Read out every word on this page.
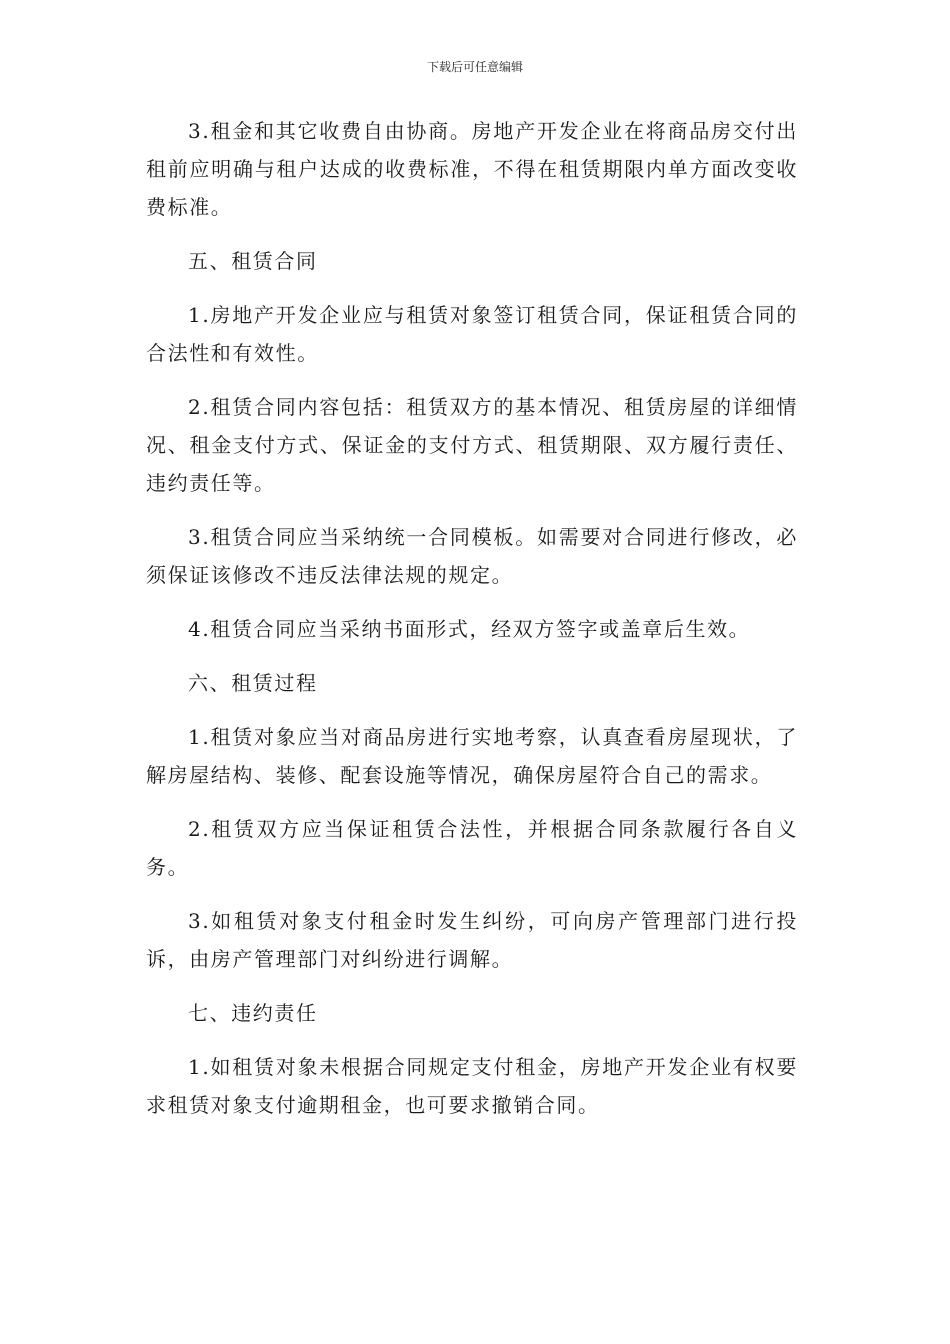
下载后可任意编辑

3.租金和其它收费自由协商。房地产开发企业在将商品房交付出租前应明确与租户达成的收费标准，不得在租赁期限内单方面改变收费标准。

五、租赁合同

1.房地产开发企业应与租赁对象签订租赁合同，保证租赁合同的合法性和有效性。

2.租赁合同内容包括：租赁双方的基本情况、租赁房屋的详细情况、租金支付方式、保证金的支付方式、租赁期限、双方履行责任、违约责任等。

3.租赁合同应当采纳统一合同模板。如需要对合同进行修改，必须保证该修改不违反法律法规的规定。

4.租赁合同应当采纳书面形式，经双方签字或盖章后生效。

六、租赁过程

1.租赁对象应当对商品房进行实地考察，认真查看房屋现状，了解房屋结构、装修、配套设施等情况，确保房屋符合自己的需求。

2.租赁双方应当保证租赁合法性，并根据合同条款履行各自义务。

3.如租赁对象支付租金时发生纠纷，可向房产管理部门进行投诉，由房产管理部门对纠纷进行调解。

七、违约责任

1.如租赁对象未根据合同规定支付租金，房地产开发企业有权要求租赁对象支付逾期租金，也可要求撤销合同。
